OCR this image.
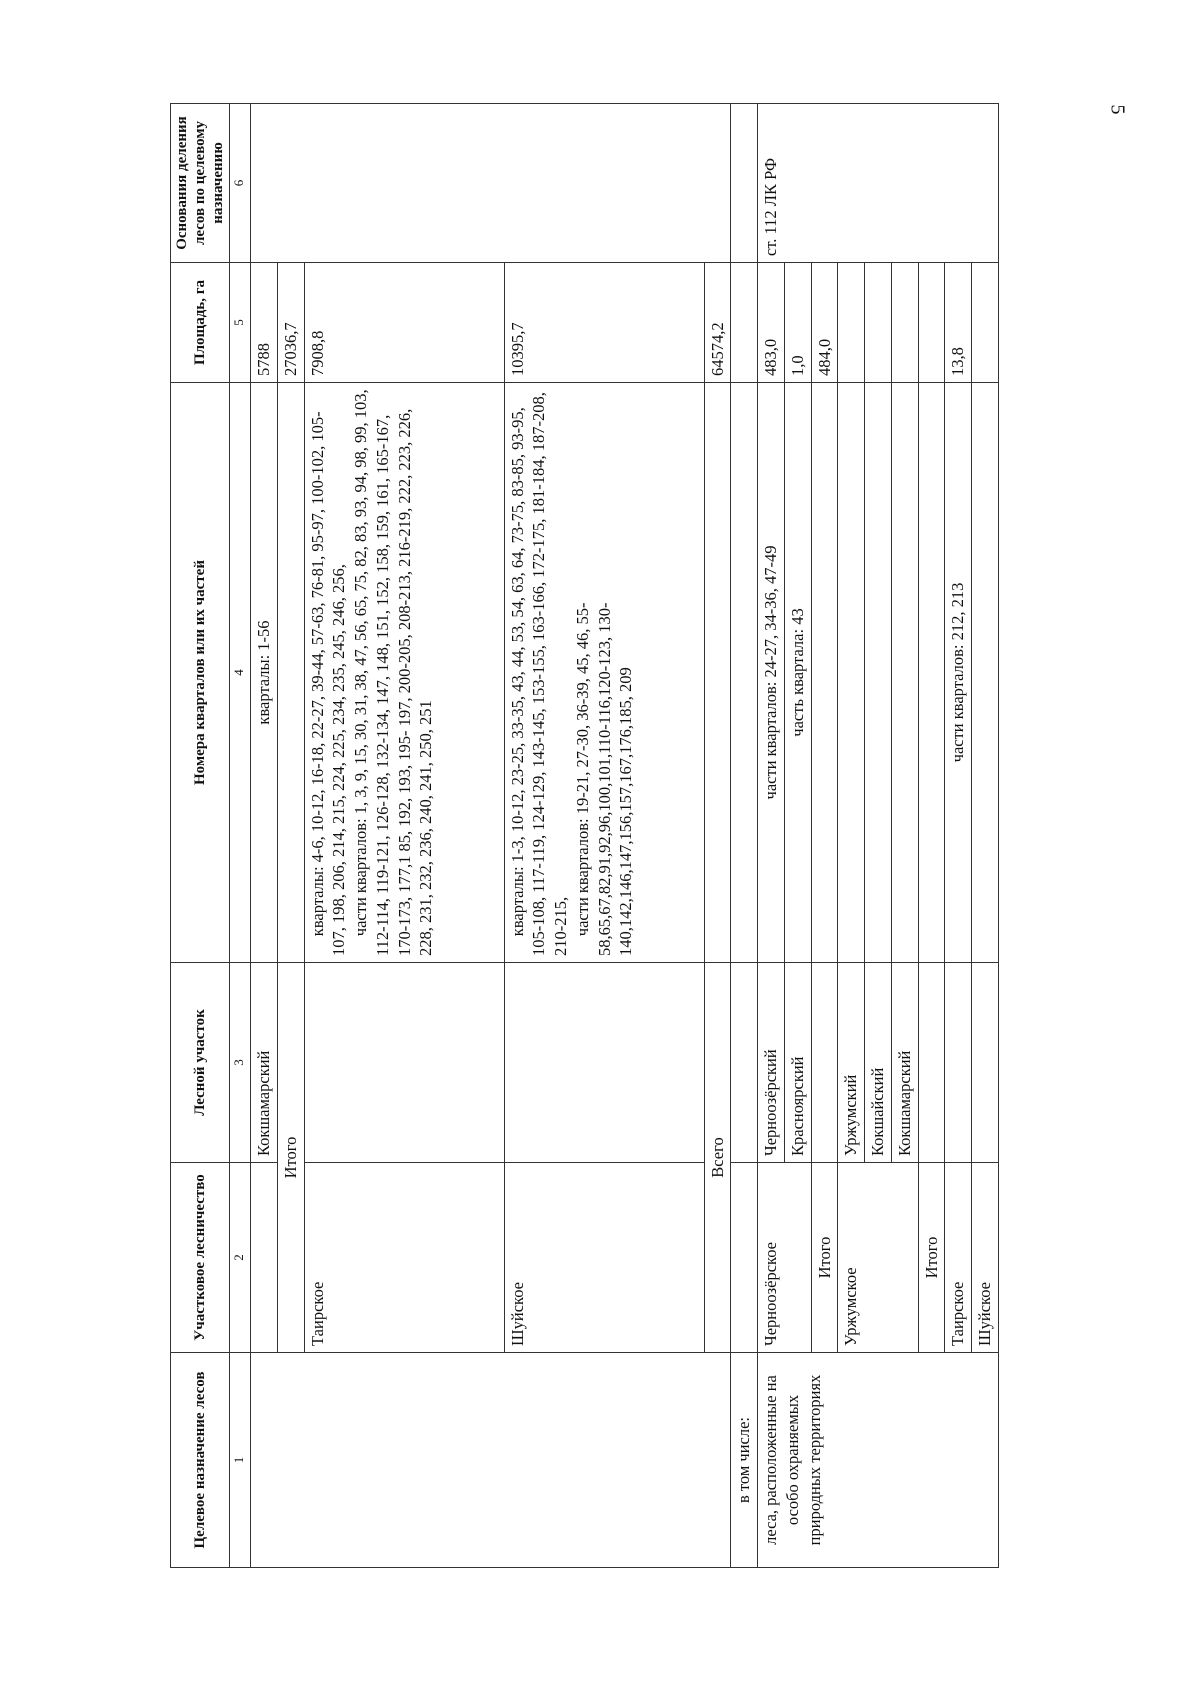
5
Целевое назначение лесов	Участковое лесничество	Лесной участок	Номера кварталов или их частей	Площадь, га	Основания деления лесов по целевому назначению
1	2	3	4	5	6
		Кокшамарский	кварталы: 1-56	5788	
	Итого			27036,7	
	Таирское		кварталы: 4-6, 10-12, 16-18, 22-27, 39-44, 57-63, 76-81, 95-97, 100-102, 105-107, 198, 206, 214, 215, 224, 225, 234, 235, 245, 246, 256, части кварталов: 1, 3, 9, 15, 30, 31, 38, 47, 56, 65, 75, 82, 83, 93, 94, 98, 99, 103, 112-114, 119-121, 126-128, 132-134, 147, 148, 151, 152, 158, 159, 161, 165-167, 170-173, 177,1 85, 192, 193, 195- 197, 200-205, 208-213, 216-219, 222, 223, 226, 228, 231, 232, 236, 240, 241, 250, 251	7908,8	
	Шуйское		кварталы: 1-3, 10-12, 23-25, 33-35, 43, 44, 53, 54, 63, 64, 73-75, 83-85, 93-95, 105-108, 117-119, 124-129, 143-145, 153-155, 163-166, 172-175, 181-184, 187-208, 210-215, части кварталов: 19-21, 27-30, 36-39, 45, 46, 55-58,65,67,82,91,92,96,100,101,110-116,120-123, 130-140,142,146,147,156,157,167,176,185, 209	10395,7	
	Всего			64574,2	
в том числе:					
леса, расположенные на особо охраняемых природных территориях	Черноозёрское	Черноозёрский	части кварталов: 24-27, 34-36, 47-49	483,0	ст. 112 ЛК РФ
		Красноярский	часть квартала: 43	1,0	
	Итого			484,0	
	Уржумское	Уржумский			
		Кокшайский			
		Кокшамарский			
	Итого				
	Таирское		части кварталов: 212, 213	13,8	
	Шуйское				
